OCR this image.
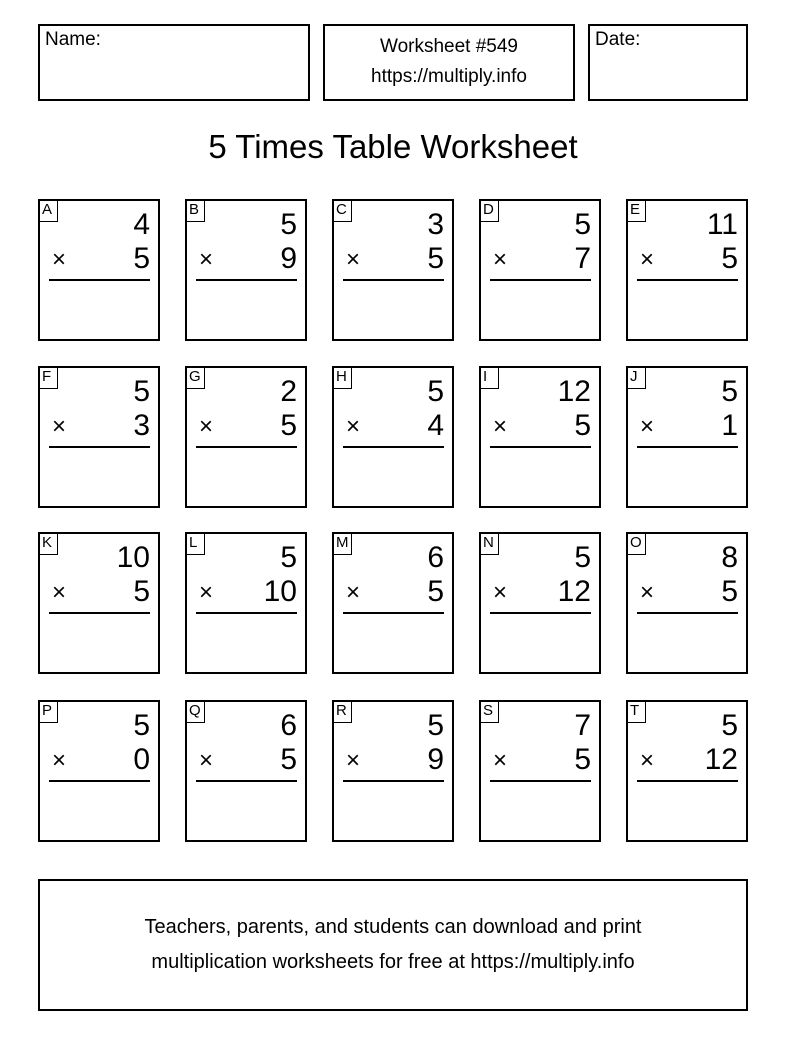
Name:	Worksheet #549
https://multiply.info
Date:
5 Times Table Worksheet
A	4
× 5
B	5
× 9
C	3
× 5
D	5
× 7
E 11
× 5
F	5
× 3
G	2
× 5
H	5
× 4
I	12
× 5
J	5
× 1
K 10
× 5
L	5
× 10
M	6
× 5
N	5
× 12
O	8
× 5
P	5
× 0
Q	6
× 5
R	5
× 9
S	7
× 5
T	5
× 12
Teachers, parents, and students can download and print
multiplication worksheets for free at https://multiply.info
